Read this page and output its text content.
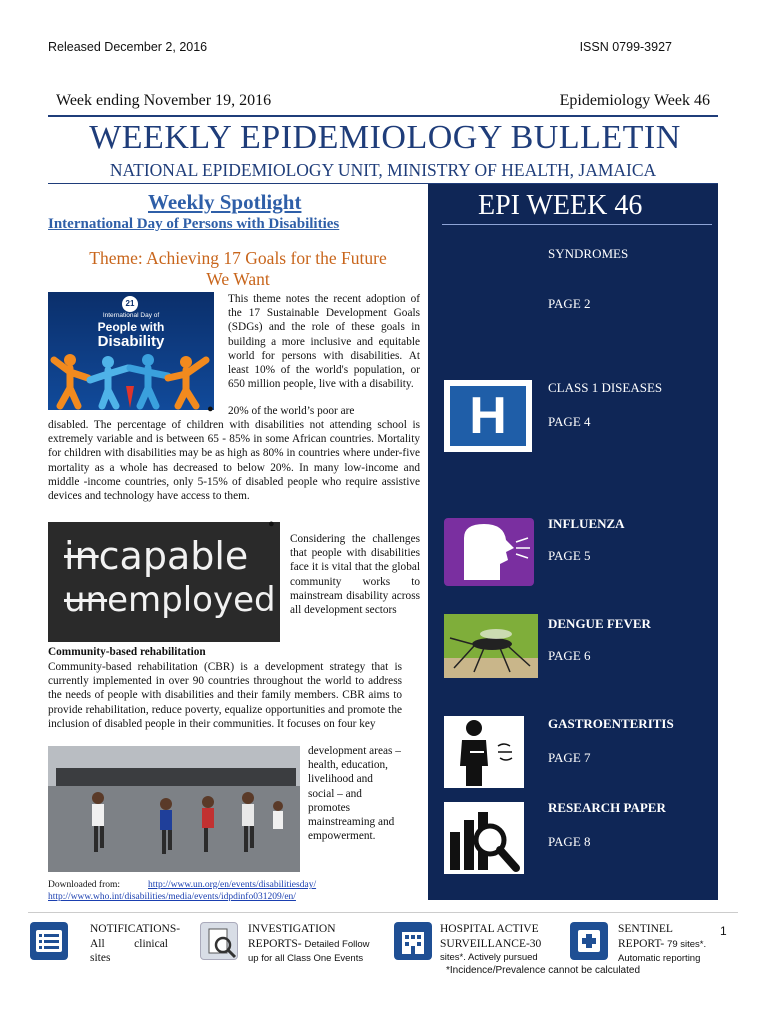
Released December 2, 2016	ISSN 0799-3927
Week ending November 19, 2016	Epidemiology Week 46
WEEKLY EPIDEMIOLOGY BULLETIN
NATIONAL EPIDEMIOLOGY UNIT, MINISTRY OF HEALTH, JAMAICA
Weekly Spotlight
International Day of Persons with Disabilities
Theme: Achieving 17 Goals for the Future
We Want
21
International Day of
People with
Disability
This theme notes the recent adoption of the 17 Sustainable Development Goals (SDGs) and the role of these goals in building a more inclusive and equitable world for persons with disabilities. At least 10% of the world's population, or 650 million people, live with a disability.
● 20% of the world’s poor are
disabled. The percentage of children with disabilities not attending school is extremely variable and is between 65 - 85% in some African countries. Mortality for children with disabilities may be as high as 80% in countries where under-five mortality as a whole has decreased to below 20%. In many low-income and middle -income countries, only 5-15% of disabled people who require assistive devices and technology have access to them.
incapable
unemployed
●
Considering the challenges that people with disabilities face it is vital that the global community works to mainstream disability across all development sectors
Community-based rehabilitation
Community-based rehabilitation (CBR) is a development strategy that is currently implemented in over 90 countries throughout the world to address the needs of people with disabilities and their family members. CBR aims to provide rehabilitation, reduce poverty, equalize opportunities and promote the inclusion of disabled people in their communities. It focuses on four key
development areas – health, education, livelihood and social – and promotes mainstreaming and empowerment.
Downloaded from:	http://www.un.org/en/events/disabilitiesday/
http://www.who.int/disabilities/media/events/idpdinfo031209/en/
EPI WEEK 46
SYNDROMES
PAGE 2
H	CLASS 1 DISEASES
PAGE 4
INFLUENZA
PAGE 5
DENGUE FEVER
PAGE 6
GASTROENTERITIS
PAGE 7
RESEARCH PAPER
PAGE 8
NOTIFICATIONS-
All	clinical
sites
INVESTIGATION
REPORTS- Detailed Follow
up for all Class One Events
HOSPITAL ACTIVE
SURVEILLANCE-30
sites*. Actively pursued
SENTINEL
REPORT- 79 sites*.
Automatic reporting
1
*Incidence/Prevalence cannot be calculated
